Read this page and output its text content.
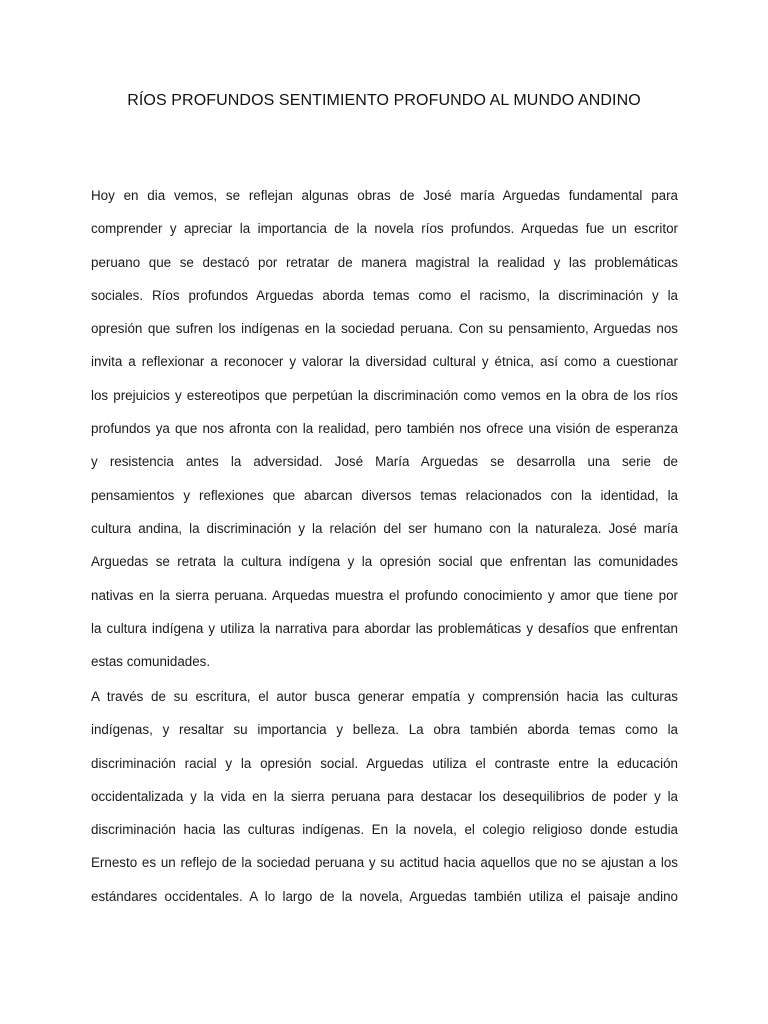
RÍOS PROFUNDOS SENTIMIENTO PROFUNDO AL MUNDO ANDINO
Hoy en dia vemos, se reflejan algunas obras de José maría Arguedas fundamental para
comprender y apreciar la importancia de la novela ríos profundos. Arquedas fue un escritor
peruano que se destacó por retratar de manera magistral la realidad y las problemáticas
sociales. Ríos profundos Arguedas aborda temas como el racismo, la discriminación y la
opresión que sufren los indígenas en la sociedad peruana. Con su pensamiento, Arguedas nos
invita a reflexionar a reconocer y valorar la diversidad cultural y étnica, así como a cuestionar
los prejuicios y estereotipos que perpetúan la discriminación como vemos en la obra de los ríos
profundos ya que nos afronta con la realidad, pero también nos ofrece una visión de esperanza
y resistencia antes la adversidad. José María Arguedas se desarrolla una serie de
pensamientos y reflexiones que abarcan diversos temas relacionados con la identidad, la
cultura andina, la discriminación y la relación del ser humano con la naturaleza. José maría
Arguedas se retrata la cultura indígena y la opresión social que enfrentan las comunidades
nativas en la sierra peruana. Arquedas muestra el profundo conocimiento y amor que tiene por
la cultura indígena y utiliza la narrativa para abordar las problemáticas y desafíos que enfrentan
estas comunidades.
A través de su escritura, el autor busca generar empatía y comprensión hacia las culturas
indígenas, y resaltar su importancia y belleza. La obra también aborda temas como la
discriminación racial y la opresión social. Arguedas utiliza el contraste entre la educación
occidentalizada y la vida en la sierra peruana para destacar los desequilibrios de poder y la
discriminación hacia las culturas indígenas. En la novela, el colegio religioso donde estudia
Ernesto es un reflejo de la sociedad peruana y su actitud hacia aquellos que no se ajustan a los
estándares occidentales. A lo largo de la novela, Arguedas también utiliza el paisaje andino
